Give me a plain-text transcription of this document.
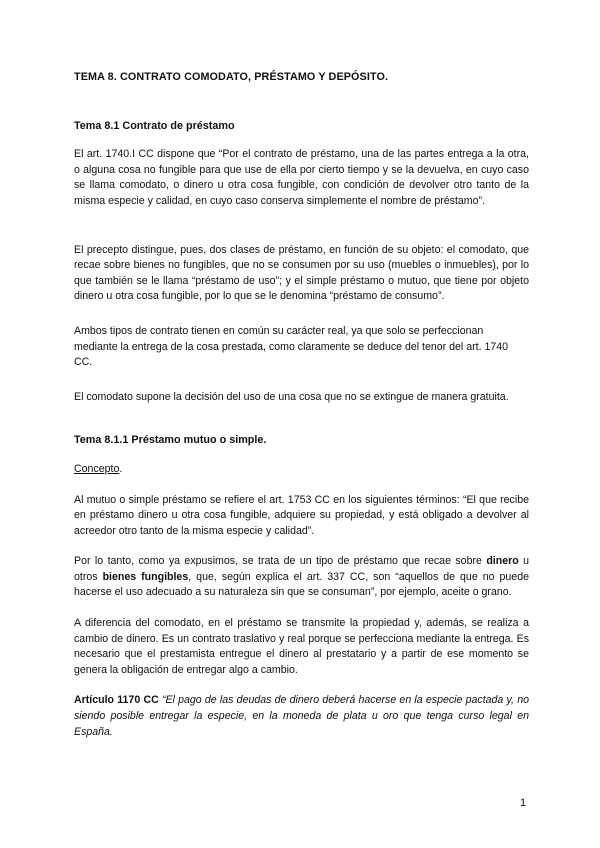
TEMA 8. CONTRATO COMODATO, PRÉSTAMO Y DEPÓSITO.
Tema 8.1 Contrato de préstamo

El art. 1740.I CC dispone que “Por el contrato de préstamo, una de las partes entrega a la otra, o alguna cosa no fungible para que use de ella por cierto tiempo y se la devuelva, en cuyo caso se llama comodato, o dinero u otra cosa fungible, con condición de devolver otro tanto de la misma especie y calidad, en cuyo caso conserva simplemente el nombre de préstamo”.

El precepto distingue, pues, dos clases de préstamo, en función de su objeto: el comodato, que recae sobre bienes no fungibles, que no se consumen por su uso (muebles o inmuebles), por lo que también se le llama “préstamo de uso”; y el simple préstamo o mutuo, que tiene por objeto dinero u otra cosa fungible, por lo que se le denomina “préstamo de consumo”.

Ambos tipos de contrato tienen en común su carácter real, ya que solo se perfeccionan mediante la entrega de la cosa prestada, como claramente se deduce del tenor del art. 1740 CC.

El comodato supone la decisión del uso de una cosa que no se extingue de manera gratuita.

Tema 8.1.1 Préstamo mutuo o simple.

Concepto.

Al mutuo o simple préstamo se refiere el art. 1753 CC en los siguientes términos: “El que recibe en préstamo dinero u otra cosa fungible, adquiere su propiedad, y está obligado a devolver al acreedor otro tanto de la misma especie y calidad”.

Por lo tanto, como ya expusimos, se trata de un tipo de préstamo que recae sobre dinero u otros bienes fungibles, que, según explica el art. 337 CC, son “aquellos de que no puede hacerse el uso adecuado a su naturaleza sin que se consuman”, por ejemplo, aceite o grano.

A diferencia del comodato, en el préstamo se transmite la propiedad y, además, se realiza a cambio de dinero. Es un contrato traslativo y real porque se perfecciona mediante la entrega. Es necesario que el prestamista entregue el dinero al prestatario y a partir de ese momento se genera la obligación de entregar algo a cambio.

Artículo 1170 CC “El pago de las deudas de dinero deberá hacerse en la especie pactada y, no siendo posible entregar la especie, en la moneda de plata u oro que tenga curso legal en España.

1
